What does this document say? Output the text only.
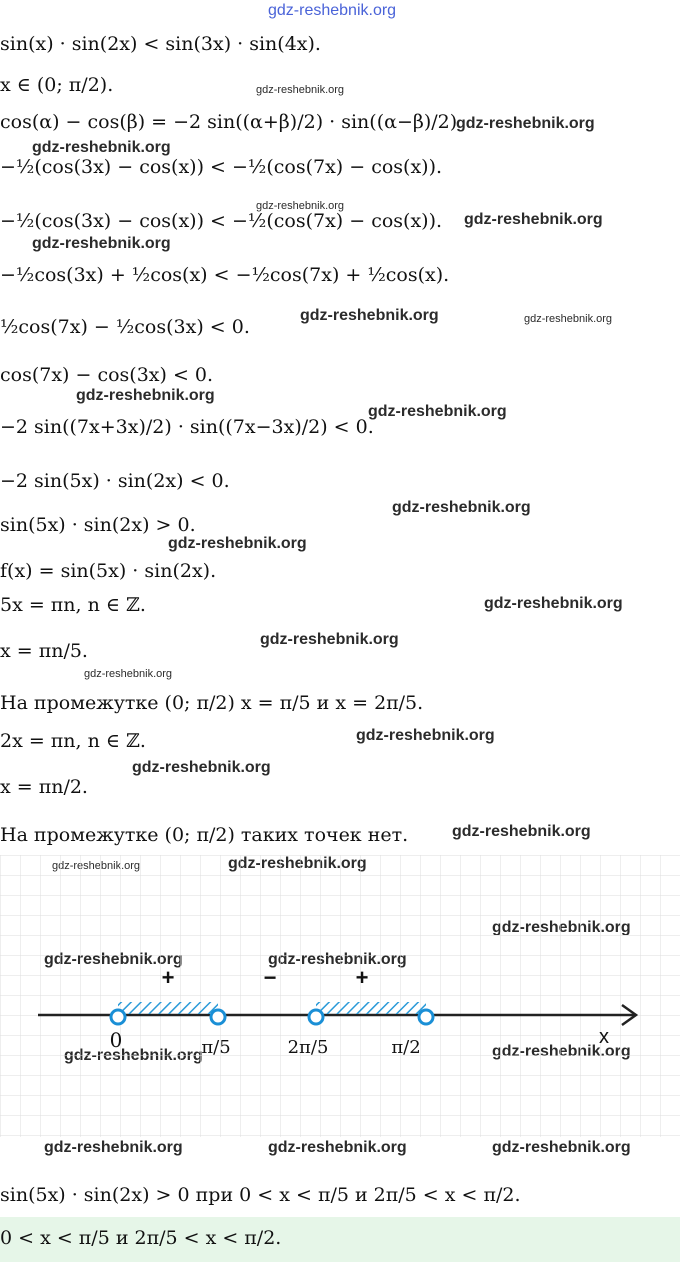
gdz-reshebnik.org
gdz-reshebnik.org
gdz-reshebnik.org
gdz-reshebnik.org
gdz-reshebnik.org
gdz-reshebnik.org
gdz-reshebnik.org
gdz-reshebnik.org	gdz-reshebnik.org
gdz-reshebnik.org
gdz-reshebnik.org
gdz-reshebnik.org
gdz-reshebnik.org
gdz-reshebnik.org
gdz-reshebnik.org
gdz-reshebnik.org
gdz-reshebnik.org
gdz-reshebnik.org
gdz-reshebnik.org
gdz-reshebnik.org	gdz-reshebnik.org	gdz-reshebnik.org
sin(x) · sin(2x) < sin(3x) · sin(4x).
x ∈ (0; π/2).
cos(α) − cos(β) = −2 sin((α+β)/2) · sin((α−β)/2)
−½(cos(3x) − cos(x)) < −½(cos(7x) − cos(x)).
−½(cos(3x) − cos(x)) < −½(cos(7x) − cos(x)).
−½cos(3x) + ½cos(x) < −½cos(7x) + ½cos(x).
½cos(7x) − ½cos(3x) < 0.
cos(7x) − cos(3x) < 0.
−2 sin((7x+3x)/2) · sin((7x−3x)/2) < 0.
−2 sin(5x) · sin(2x) < 0.
sin(5x) · sin(2x) > 0.
f(x) = sin(5x) · sin(2x).
5x = πn, n ∈ ℤ.
x = πn/5.
На промежутке (0; π/2) x = π/5 и x = 2π/5.
2x = πn, n ∈ ℤ.
x = πn/2.
На промежутке (0; π/2) таких точек нет.
+	−	+
0	π/5	2π/5	π/2	x
sin(5x) · sin(2x) > 0 при 0 < x < π/5 и 2π/5 < x < π/2.
0 < x < π/5 и 2π/5 < x < π/2.
